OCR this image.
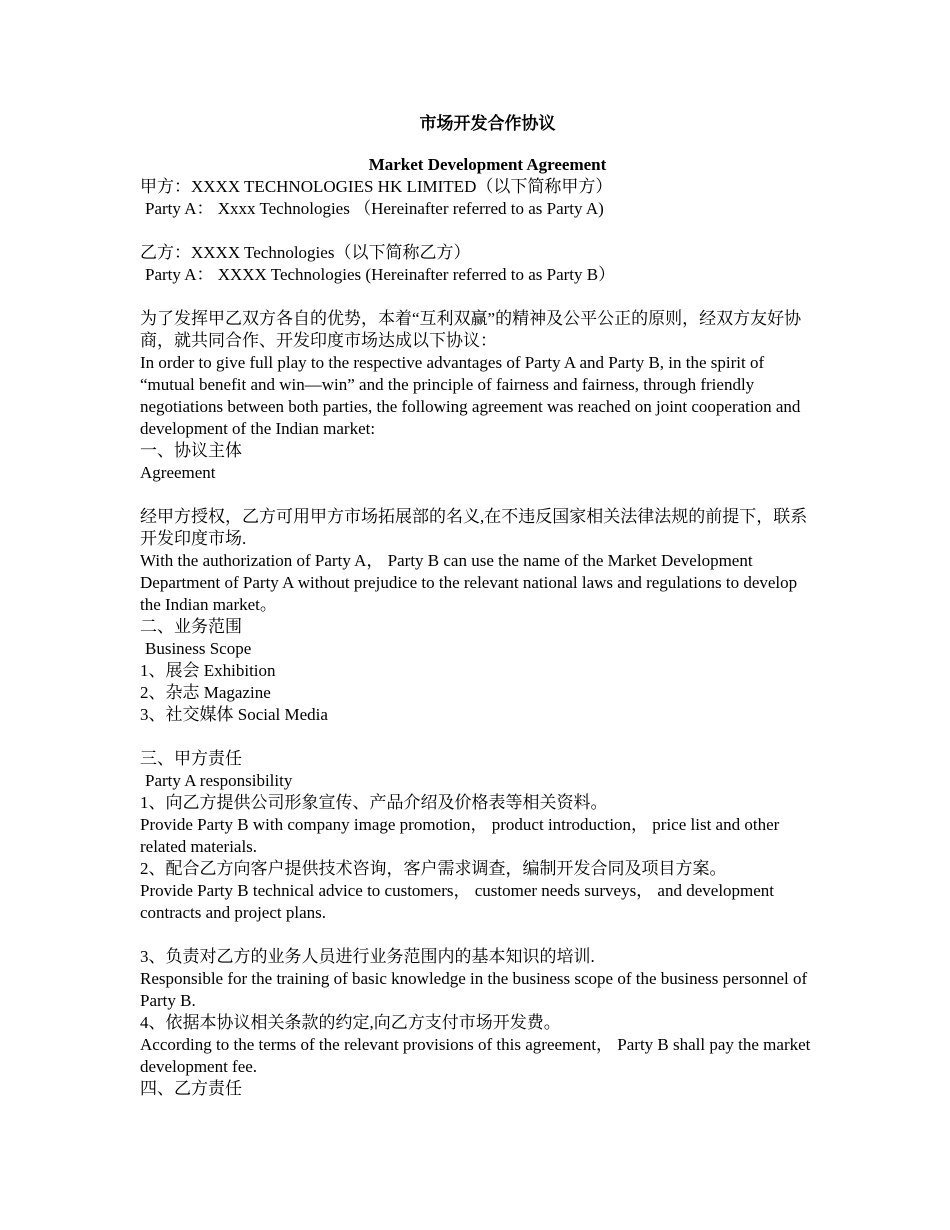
市场开发合作协议
Market Development Agreement

甲方：XXXX TECHNOLOGIES HK LIMITED（以下简称甲方）

Party A： Xxxx Technologies （Hereinafter referred to as Party A)

乙方：XXXX Technologies（以下简称乙方）

Party A： XXXX Technologies (Hereinafter referred to as Party B）

为了发挥甲乙双方各自的优势，本着“互利双赢”的精神及公平公正的原则，经双方友好协商，就共同合作、开发印度市场达成以下协议：

In order to give full play to the respective advantages of Party A and Party B, in the spirit of “mutual benefit and win—win” and the principle of fairness and fairness, through friendly negotiations between both parties, the following agreement was reached on joint cooperation and development of the Indian market:

一、协议主体

Agreement

经甲方授权，乙方可用甲方市场拓展部的名义,在不违反国家相关法律法规的前提下，联系开发印度市场.

With the authorization of Party A， Party B can use the name of the Market Development Department of Party A without prejudice to the relevant national laws and regulations to develop the Indian market。

二、业务范围

Business Scope

1、展会 Exhibition

2、杂志 Magazine

3、社交媒体 Social Media

三、甲方责任

Party A responsibility

1、向乙方提供公司形象宣传、产品介绍及价格表等相关资料。

Provide Party B with company image promotion， product introduction， price list and other related materials.

2、配合乙方向客户提供技术咨询，客户需求调查，编制开发合同及项目方案。

Provide Party B technical advice to customers， customer needs surveys， and development contracts and project plans.

3、负责对乙方的业务人员进行业务范围内的基本知识的培训.

Responsible for the training of basic knowledge in the business scope of the business personnel of Party B.

4、依据本协议相关条款的约定,向乙方支付市场开发费。

According to the terms of the relevant provisions of this agreement， Party B shall pay the market development fee.

四、乙方责任
